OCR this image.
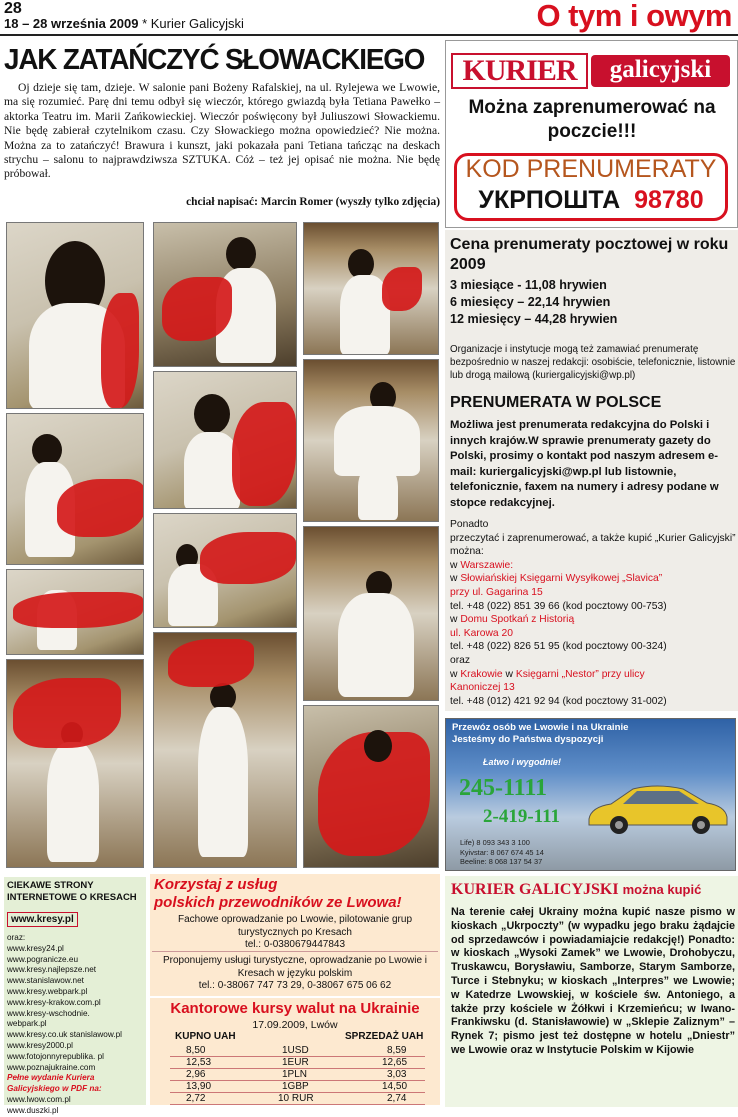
28
18 – 28 września 2009 * Kurier Galicyjski	O tym i owym
JAK ZATAŃCZYĆ SŁOWACKIEGO
Oj dzieje się tam, dzieje. W salonie pani Bożeny Rafalskiej, na ul. Rylejewa we Lwowie, ma się rozumieć. Parę dni temu odbył się wieczór, którego gwiazdą była Tetiana Pawełko – aktorka Teatru im. Marii Zańkowieckiej. Wieczór poświęcony był Juliuszowi Słowackiemu. Nie będę zabierał czytelnikom czasu. Czy Słowackiego można opowiedzieć? Nie można. Można za to zatańczyć! Brawura i kunszt, jaki pokazała pani Tetiana tańcząc na deskach strychu – salonu to najprawdziwsza SZTUKA. Cóż – też jej opisać nie można. Nie będę próbował.
chciał napisać: Marcin Romer (wyszły tylko zdjęcia)
KURIER	galicyjski
Można zaprenumerować na poczcie!!!
KOD PRENUMERATY
УКРПОШТА 98780
Cena prenumeraty pocztowej w roku 2009
3 miesiące - 11,08 hrywien
6 miesięcy – 22,14 hrywien
12 miesięcy – 44,28 hrywien
Organizacje i instytucje mogą też zamawiać prenumeratę bezpośrednio w naszej redakcji: osobiście, telefonicznie, listownie lub drogą mailową (kuriergalicyjski@wp.pl)
PRENUMERATA W POLSCE
Możliwa jest prenumerata redakcyjna do Polski i innych krajów.W sprawie prenumeraty gazety do Polski, prosimy o kontakt pod naszym adresem e-mail: kuriergalicyjski@wp.pl lub listownie, telefonicznie, faxem na numery i adresy podane w stopce redakcyjnej.
Ponadto
przeczytać i zaprenumerować, a także kupić „Kurier Galicyjski” można:
w Warszawie:
w Słowiańskiej Księgarni Wysyłkowej „Slavica”
przy ul. Gagarina 15
tel. +48 (022) 851 39 66 (kod pocztowy 00-753)
w Domu Spotkań z Historią
ul. Karowa 20
tel. +48 (022) 826 51 95 (kod pocztowy 00-324)
oraz
w Krakowie w Księgarni „Nestor” przy ulicy
Kanoniczej 13
tel. +48 (012) 421 92 94 (kod pocztowy 31-002)
Przewóz osób we Lwowie i na Ukrainie
Jesteśmy do Państwa dyspozycji
Łatwo i wygodnie!
245-1111
2-419-111
Life) 8 093 343 3 100
Kyivstar: 8 067 674 45 14
Beeline: 8 068 137 54 37
CIEKAWE STRONY INTERNETOWE O KRESACH
www.kresy.pl
oraz:
www.kresy24.pl
www.pogranicze.eu
www.kresy.najlepsze.net
www.stanislawow.net
www.kresy.webpark.pl
www.kresy-krakow.com.pl
www.kresy-wschodnie.
webpark.pl
www.kresy.co.uk stanislawow.pl
www.kresy2000.pl
www.fotojonnyrepublika. pl
www.poznajukraine.com
Pełne wydanie Kuriera Galicyjskiego w PDF na:
www.lwow.com.pl
www.duszki.pl
Korzystaj z usług
polskich przewodników ze Lwowa!
Fachowe oprowadzanie po Lwowie, pilotowanie grup turystycznych po Kresach
tel.: 0-0380679447843
Proponujemy usługi turystyczne, oprowadzanie po Lwowie i Kresach w języku polskim
tel.: 0-38067 747 73 29, 0-38067 675 06 62
Kantorowe kursy walut na Ukrainie
17.09.2009, Lwów
KUPNO UAH	SPRZEDAŻ UAH
8,50	1USD	8,59
12,53	1EUR	12,65
2,96	1PLN	3,03
13,90	1GBP	14,50
2,72	10 RUR	2,74
KURIER GALICYJSKI można kupić
Na terenie całej Ukrainy można kupić nasze pismo w kioskach „Ukrpoczty” (w wypadku jego braku żądajcie od sprzedawców i powiadamiajcie redakcję!) Ponadto: w kioskach „Wysoki Zamek” we Lwowie, Drohobyczu, Truskawcu, Borysławiu, Samborze, Starym Samborze, Turce i Stebnyku; w kioskach „Interpres” we Lwowie; w Katedrze Lwowskiej, w kościele św. Antoniego, a także przy kościele w Żółkwi i Krzemieńcu; w Iwano-Frankiwsku (d. Stanisławowie) w „Sklepie Zaliznym” – Rynek 7; pismo jest też dostępne w hotelu „Dniestr” we Lwowie oraz w Instytucie Polskim w Kijowie
